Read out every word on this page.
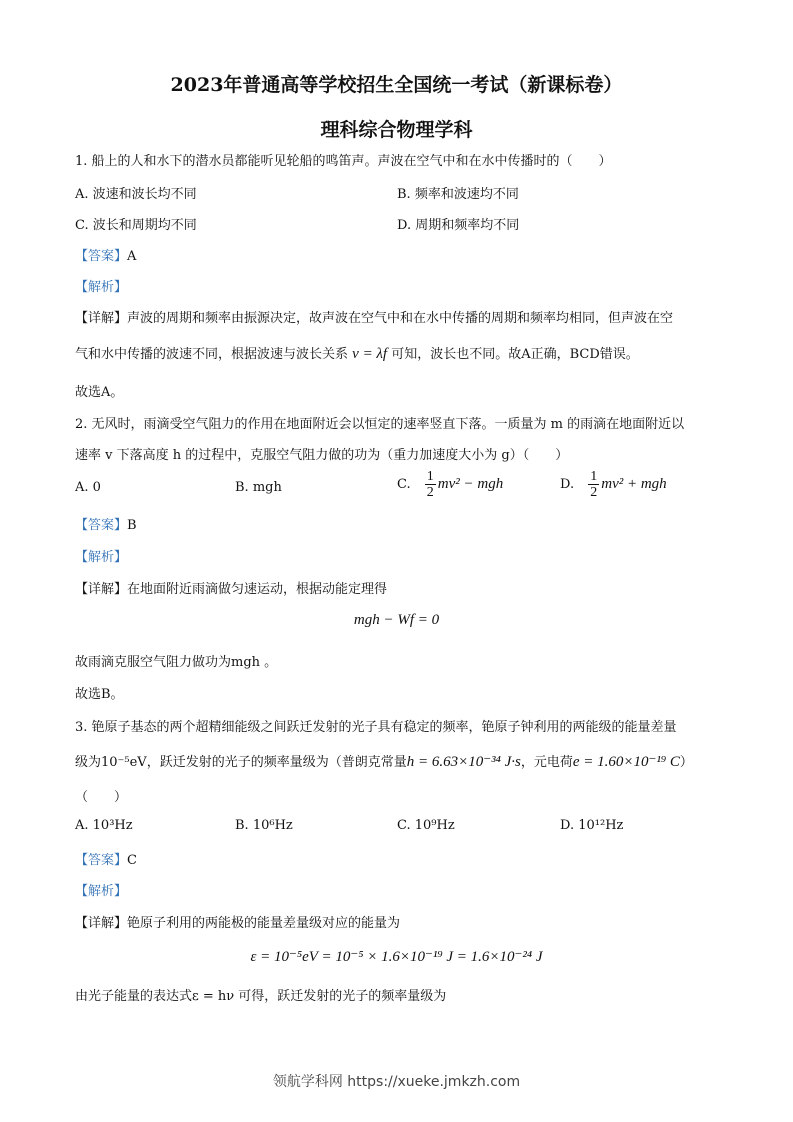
2023年普通高等学校招生全国统一考试（新课标卷）
理科综合物理学科
1. 船上的人和水下的潜水员都能听见轮船的鸣笛声。声波在空气中和在水中传播时的（　　）
A. 波速和波长均不同	B. 频率和波速均不同
C. 波长和周期均不同	D. 周期和频率均不同
【答案】A
【解析】
【详解】声波的周期和频率由振源决定，故声波在空气中和在水中传播的周期和频率均相同，但声波在空
气和水中传播的波速不同，根据波速与波长关系 v = λf 可知，波长也不同。故A正确，BCD错误。
故选A。
2. 无风时，雨滴受空气阻力的作用在地面附近会以恒定的速率竖直下落。一质量为 m 的雨滴在地面附近以
速率 v 下落高度 h 的过程中，克服空气阻力做的功为（重力加速度大小为 g）（　　）
A. 0	B. mgh	C. $\frac{1}{2} mv^2$ − mgh	D. $\frac{1}{2} mv^2$ + mgh
【答案】B
【解析】
【详解】在地面附近雨滴做匀速运动，根据动能定理得
mgh − Wf = 0
故雨滴克服空气阻力做功为mgh 。
故选B。
3. 铯原子基态的两个超精细能级之间跃迁发射的光子具有稳定的频率，铯原子钟利用的两能级的能量差量
级为10⁻⁵eV，跃迁发射的光子的频率量级为（普朗克常量h = 6.63×10⁻³⁴ J·s，元电荷e = 1.60×10⁻¹⁹ C）
（　　）
A. 10³Hz	B. 10⁶Hz	C. 10⁹Hz	D. 10¹²Hz
【答案】C
【解析】
【详解】铯原子利用的两能极的能量差量级对应的能量为
ε = 10⁻⁵eV = 10⁻⁵ × 1.6×10⁻¹⁹ J = 1.6×10⁻²⁴ J
由光子能量的表达式ε = hν 可得，跃迁发射的光子的频率量级为
领航学科网 https://xueke.jmkzh.com
